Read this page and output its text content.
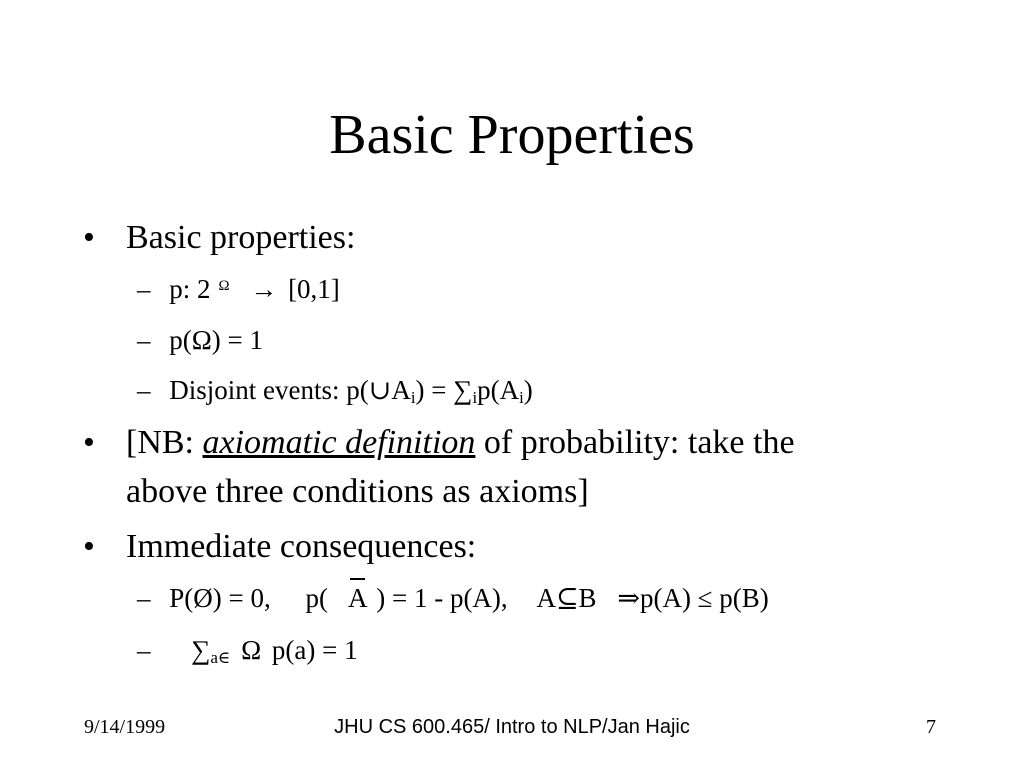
Basic Properties
• Basic properties:
– p: 2 $^\Omega$ → [0,1]
– p(Ω) = 1
– Disjoint events: $p(\cup A_i) = \sum_ip(A_i)$
• [NB: axiomatic definition of probability: take the
above three conditions as axioms]
• Immediate consequences:
– P(Ø) = 0, p( A ) = 1 - p(A), A⊆B ⇒p(A) ≤ p(B)
– $\sum_{a\in}$ Ω p(a) = 1
9/14/1999	JHU CS 600.465/ Intro to NLP/Jan Hajic	7
